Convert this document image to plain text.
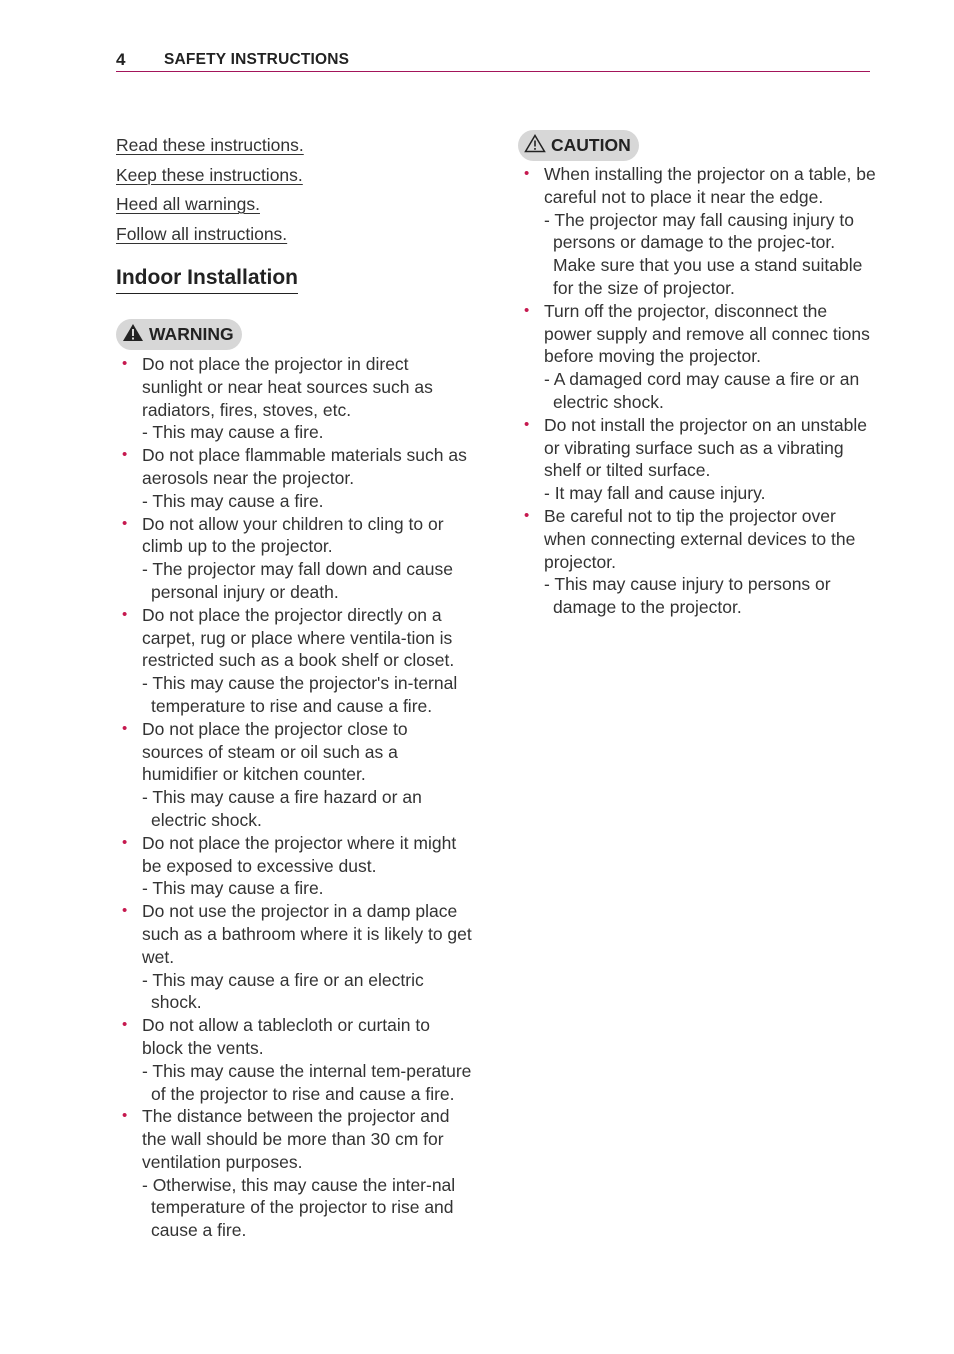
4 SAFETY INSTRUCTIONS
Read these instructions.
Keep these instructions.
Heed all warnings.
Follow all instructions.
Indoor Installation

WARNING
• Do not place the projector in direct sunlight or near heat sources such as radiators, fires, stoves, etc.
- This may cause a fire.
• Do not place flammable materials such as aerosols near the projector.
- This may cause a fire.
• Do not allow your children to cling to or climb up to the projector.
- The projector may fall down and cause personal injury or death.
• Do not place the projector directly on a carpet, rug or place where ventila-tion is restricted such as a book shelf or closet.
- This may cause the projector's in-ternal temperature to rise and cause a fire.
• Do not place the projector close to sources of steam or oil such as a humidifier or kitchen counter.
- This may cause a fire hazard or an electric shock.
• Do not place the projector where it might be exposed to excessive dust.
- This may cause a fire.
• Do not use the projector in a damp place such as a bathroom where it is likely to get wet.
- This may cause a fire or an electric shock.
• Do not allow a tablecloth or curtain to block the vents.
- This may cause the internal tem-perature of the projector to rise and cause a fire.
• The distance between the projector and the wall should be more than 30 cm for ventilation purposes.
- Otherwise, this may cause the inter-nal temperature of the projector to rise and cause a fire.
CAUTION
• When installing the projector on a table, be careful not to place it near the edge.
- The projector may fall causing injury to persons or damage to the projec-tor. Make sure that you use a stand suitable for the size of projector.
• Turn off the projector, disconnect the power supply and remove all connec tions before moving the projector.
- A damaged cord may cause a fire or an electric shock.
• Do not install the projector on an unstable or vibrating surface such as a vibrating shelf or tilted surface.
- It may fall and cause injury.
• Be careful not to tip the projector over when connecting external devices to the projector.
- This may cause injury to persons or damage to the projector.
